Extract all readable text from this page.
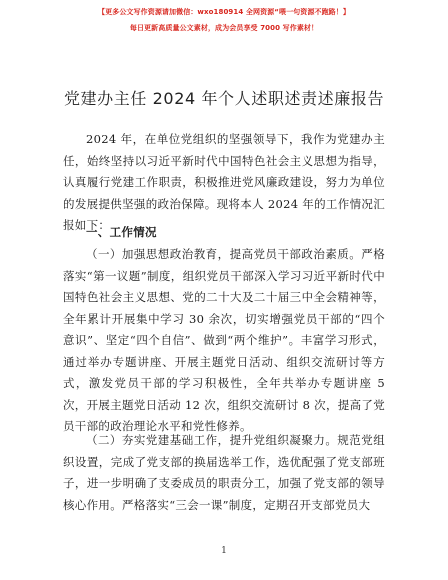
【更多公文写作资源请加微信：wxo180914 全网资源“喂一句资源不跑路！】
每日更新高质量公文素材，成为会员享受 7000 写作素材！
党建办主任 2024 年个人述职述责述廉报告

2024 年，在单位党组织的坚强领导下，我作为党建办主任，始终坚持以习近平新时代中国特色社会主义思想为指导，认真履行党建工作职责，积极推进党风廉政建设，努力为单位的发展提供坚强的政治保障。现将本人 2024 年的工作情况汇报如下：

一、工作情况

（一）加强思想政治教育，提高党员干部政治素质。严格落实“第一议题”制度，组织党员干部深入学习习近平新时代中国特色社会主义思想、党的二十大及二十届三中全会精神等，全年累计开展集中学习 30 余次，切实增强党员干部的“四个意识”、坚定“四个自信”、做到“两个维护”。丰富学习形式，通过举办专题讲座、开展主题党日活动、组织交流研讨等方式，激发党员干部的学习积极性，全年共举办专题讲座 5 次，开展主题党日活动 12 次，组织交流研讨 8 次，提高了党员干部的政治理论水平和党性修养。

（二）夯实党建基础工作，提升党组织凝聚力。规范党组织设置，完成了党支部的换届选举工作，选优配强了党支部班子，进一步明确了支委成员的职责分工，加强了党支部的领导核心作用。严格落实“三会一课”制度，定期召开支部党员大

1
